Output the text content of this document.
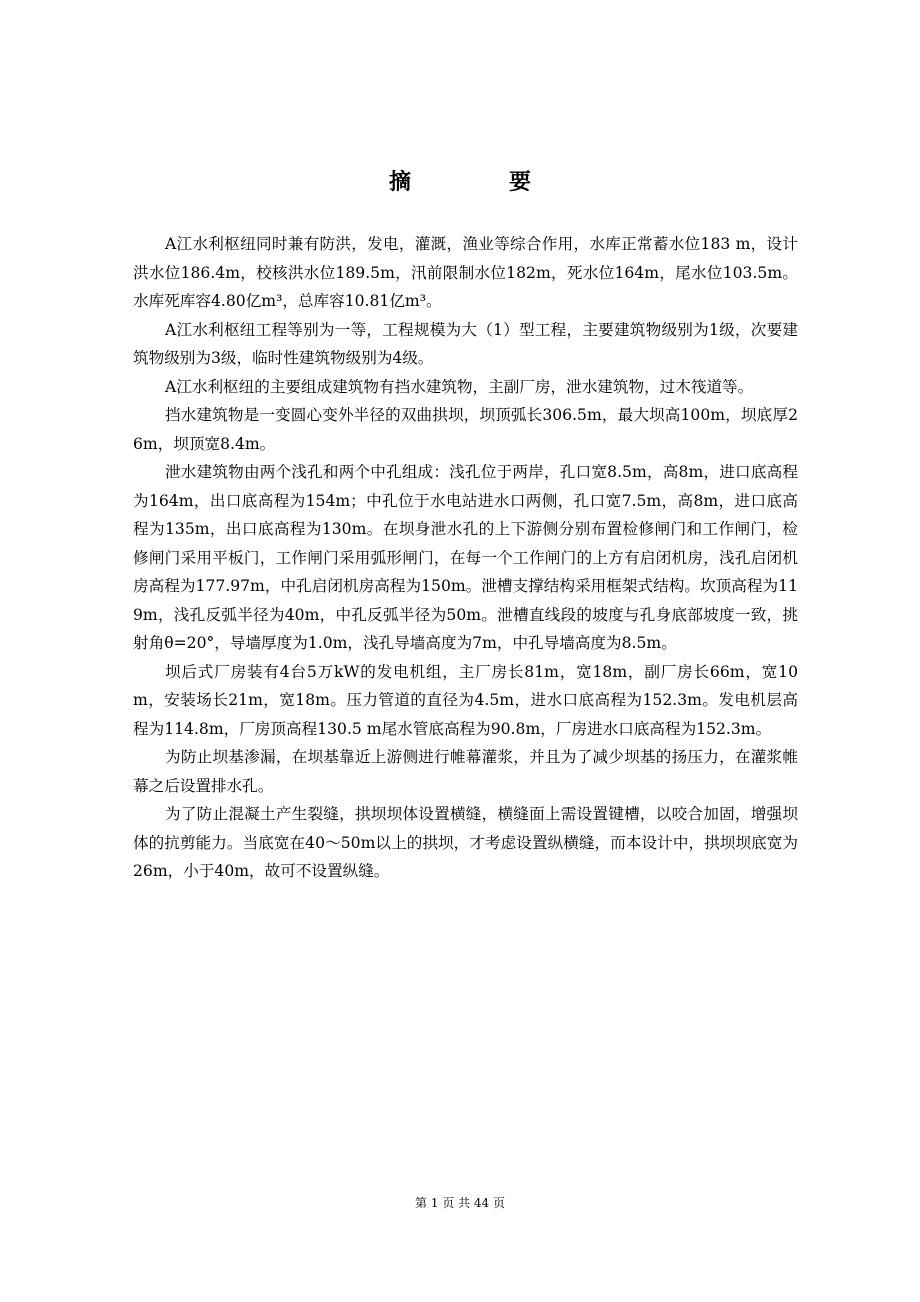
摘　要

A江水利枢纽同时兼有防洪，发电，灌溉，渔业等综合作用，水库正常蓄水位183 m，设计洪水位186.4m，校核洪水位189.5m，汛前限制水位182m，死水位164m，尾水位103.5m。水库死库容4.80亿m³，总库容10.81亿m³。

A江水利枢纽工程等别为一等，工程规模为大（1）型工程，主要建筑物级别为1级，次要建筑物级别为3级，临时性建筑物级别为4级。

A江水利枢纽的主要组成建筑物有挡水建筑物，主副厂房，泄水建筑物，过木筏道等。

挡水建筑物是一变圆心变外半径的双曲拱坝，坝顶弧长306.5m，最大坝高100m，坝底厚26m，坝顶宽8.4m。

泄水建筑物由两个浅孔和两个中孔组成：浅孔位于两岸，孔口宽8.5m，高8m，进口底高程为164m，出口底高程为154m；中孔位于水电站进水口两侧，孔口宽7.5m，高8m，进口底高程为135m，出口底高程为130m。在坝身泄水孔的上下游侧分别布置检修闸门和工作闸门，检修闸门采用平板门，工作闸门采用弧形闸门，在每一个工作闸门的上方有启闭机房，浅孔启闭机房高程为177.97m，中孔启闭机房高程为150m。泄槽支撑结构采用框架式结构。坎顶高程为119m，浅孔反弧半径为40m，中孔反弧半径为50m。泄槽直线段的坡度与孔身底部坡度一致，挑射角θ=20°，导墙厚度为1.0m，浅孔导墙高度为7m，中孔导墙高度为8.5m。

坝后式厂房装有4台5万kW的发电机组，主厂房长81m，宽18m，副厂房长66m，宽10m，安装场长21m，宽18m。压力管道的直径为4.5m，进水口底高程为152.3m。发电机层高程为114.8m，厂房顶高程130.5 m尾水管底高程为90.8m，厂房进水口底高程为152.3m。

为防止坝基渗漏，在坝基靠近上游侧进行帷幕灌浆，并且为了减少坝基的扬压力，在灌浆帷幕之后设置排水孔。

为了防止混凝土产生裂缝，拱坝坝体设置横缝，横缝面上需设置键槽，以咬合加固，增强坝体的抗剪能力。当底宽在40～50m以上的拱坝，才考虑设置纵横缝，而本设计中，拱坝坝底宽为26m，小于40m，故可不设置纵缝。

第 1 页 共 44 页
